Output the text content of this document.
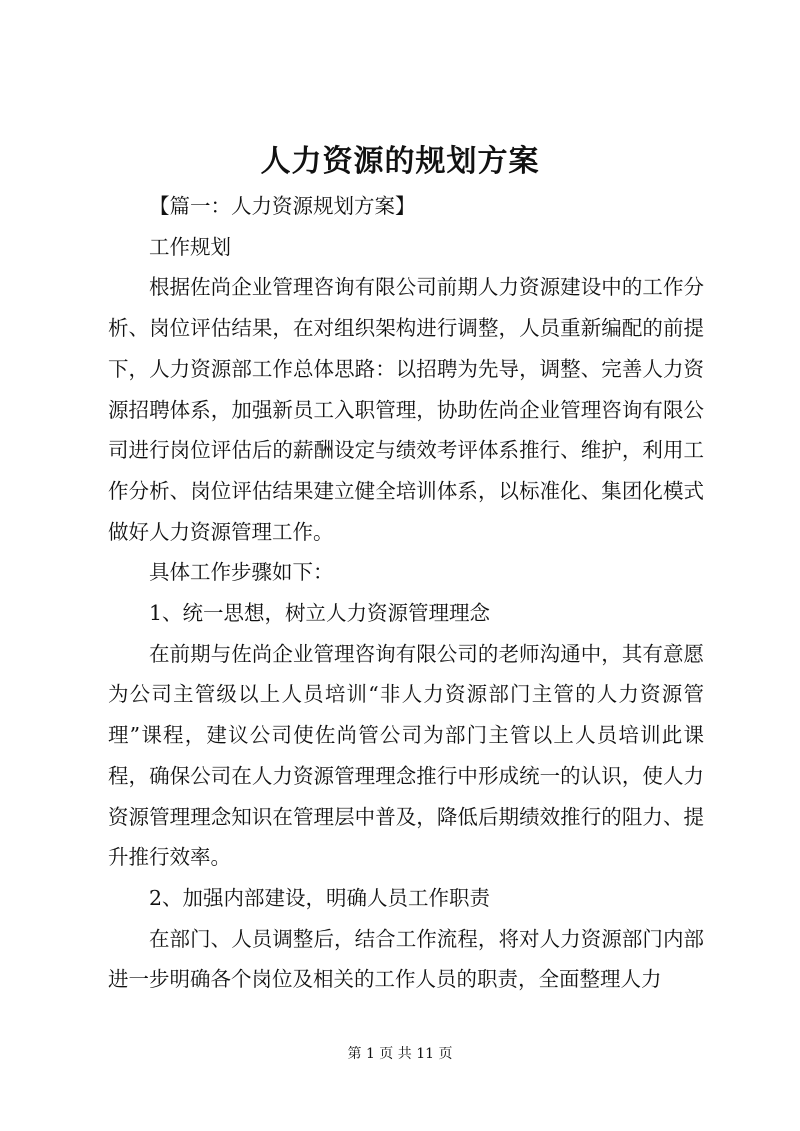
人力资源的规划方案

【篇一：人力资源规划方案】

工作规划

根据佐尚企业管理咨询有限公司前期人力资源建设中的工作分析、岗位评估结果，在对组织架构进行调整，人员重新编配的前提下，人力资源部工作总体思路：以招聘为先导，调整、完善人力资源招聘体系，加强新员工入职管理，协助佐尚企业管理咨询有限公司进行岗位评估后的薪酬设定与绩效考评体系推行、维护，利用工作分析、岗位评估结果建立健全培训体系，以标准化、集团化模式做好人力资源管理工作。

具体工作步骤如下：

1、统一思想，树立人力资源管理理念

在前期与佐尚企业管理咨询有限公司的老师沟通中，其有意愿为公司主管级以上人员培训“非人力资源部门主管的人力资源管理”课程，建议公司使佐尚管公司为部门主管以上人员培训此课程，确保公司在人力资源管理理念推行中形成统一的认识，使人力资源管理理念知识在管理层中普及，降低后期绩效推行的阻力、提升推行效率。

2、加强内部建设，明确人员工作职责

在部门、人员调整后，结合工作流程，将对人力资源部门内部进一步明确各个岗位及相关的工作人员的职责，全面整理人力

第 1 页 共 11 页
